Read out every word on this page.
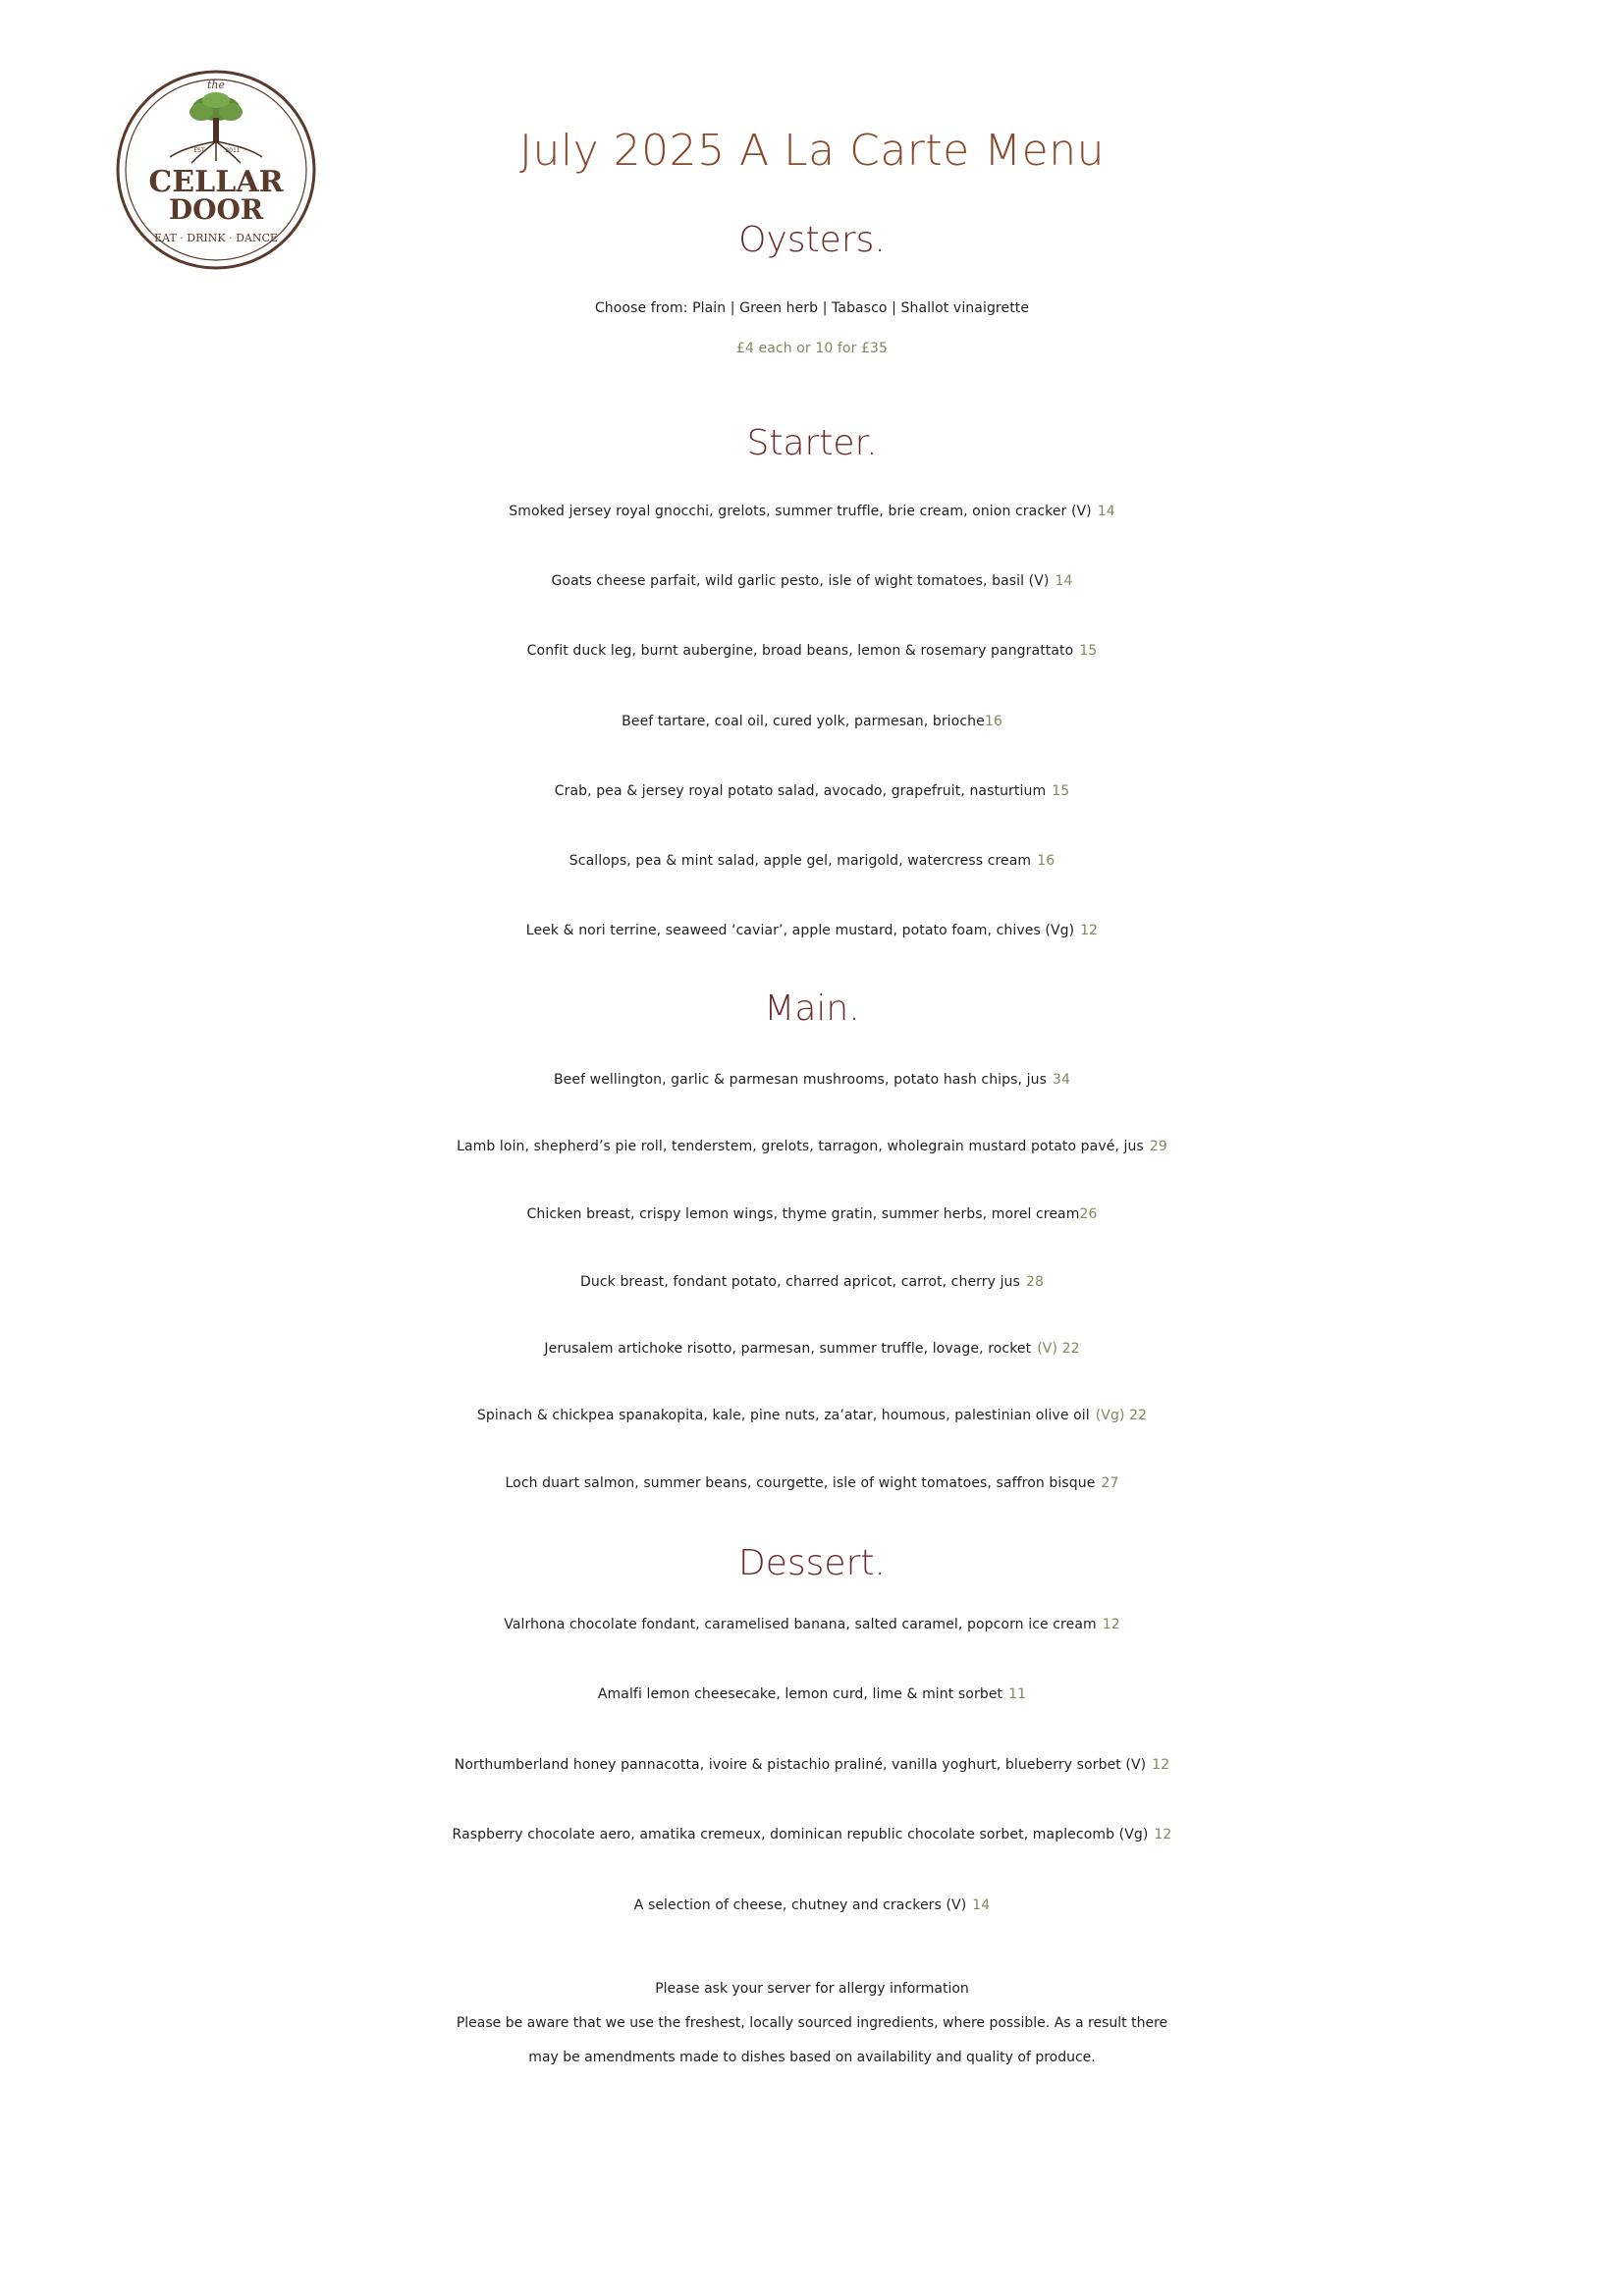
the
EST	2011
CELLAR
DOOR
EAT · DRINK · DANCE
July 2025 A La Carte Menu
Oysters.
Choose from: Plain | Green herb | Tabasco | Shallot vinaigrette
£4 each or 10 for £35
Starter.
Smoked jersey royal gnocchi, grelots, summer truffle, brie cream, onion cracker (V) 14
Goats cheese parfait, wild garlic pesto, isle of wight tomatoes, basil (V) 14
Confit duck leg, burnt aubergine, broad beans, lemon & rosemary pangrattato 15
Beef tartare, coal oil, cured yolk, parmesan, brioche16
Crab, pea & jersey royal potato salad, avocado, grapefruit, nasturtium 15
Scallops, pea & mint salad, apple gel, marigold, watercress cream 16
Leek & nori terrine, seaweed ‘caviar’, apple mustard, potato foam, chives (Vg) 12
Main.
Beef wellington, garlic & parmesan mushrooms, potato hash chips, jus 34
Lamb loin, shepherd’s pie roll, tenderstem, grelots, tarragon, wholegrain mustard potato pavé, jus 29
Chicken breast, crispy lemon wings, thyme gratin, summer herbs, morel cream26
Duck breast, fondant potato, charred apricot, carrot, cherry jus 28
Jerusalem artichoke risotto, parmesan, summer truffle, lovage, rocket (V) 22
Spinach & chickpea spanakopita, kale, pine nuts, za’atar, houmous, palestinian olive oil (Vg) 22
Loch duart salmon, summer beans, courgette, isle of wight tomatoes, saffron bisque 27
Dessert.
Valrhona chocolate fondant, caramelised banana, salted caramel, popcorn ice cream 12
Amalfi lemon cheesecake, lemon curd, lime & mint sorbet 11
Northumberland honey pannacotta, ivoire & pistachio praliné, vanilla yoghurt, blueberry sorbet (V) 12
Raspberry chocolate aero, amatika cremeux, dominican republic chocolate sorbet, maplecomb (Vg) 12
A selection of cheese, chutney and crackers (V) 14
Please ask your server for allergy information
Please be aware that we use the freshest, locally sourced ingredients, where possible. As a result there
may be amendments made to dishes based on availability and quality of produce.
